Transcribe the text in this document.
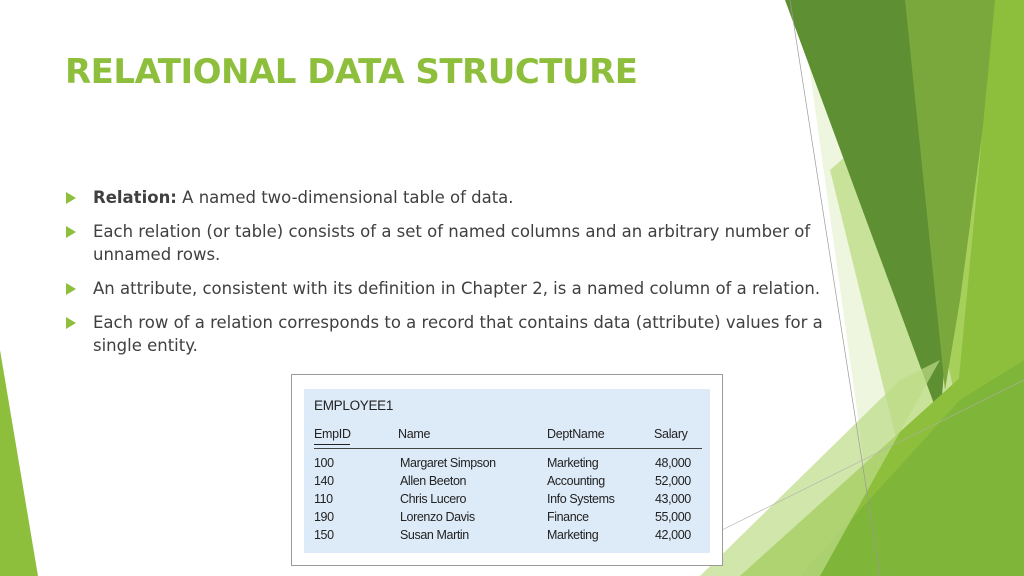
RELATIONAL DATA STRUCTURE
Relation: A named two-dimensional table of data.
Each relation (or table) consists of a set of named columns and an arbitrary number of unnamed rows.
An attribute, consistent with its definition in Chapter 2, is a named column of a relation.
Each row of a relation corresponds to a record that contains data (attribute) values for a single entity.
EMPLOYEE1
EmpID	Name	DeptName	Salary
100	Margaret Simpson	Marketing	48,000
140	Allen Beeton	Accounting	52,000
110	Chris Lucero	Info Systems	43,000
190	Lorenzo Davis	Finance	55,000
150	Susan Martin	Marketing	42,000
